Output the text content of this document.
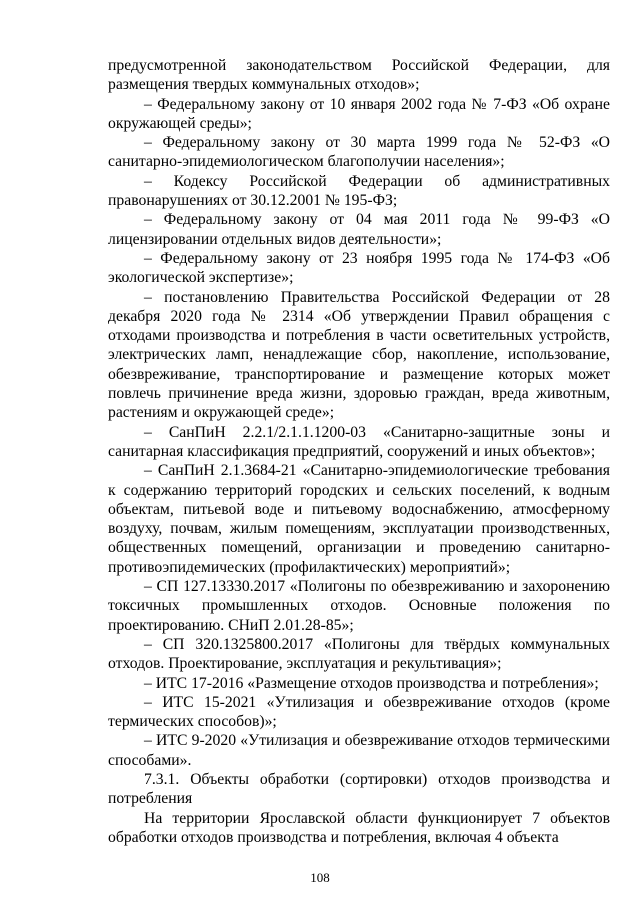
предусмотренной законодательством Российской Федерации, для размещения твердых коммунальных отходов»;

– Федеральному закону от 10 января 2002 года № 7-ФЗ «Об охране окружающей среды»;

– Федеральному закону от 30 марта 1999 года № 52-ФЗ «О санитарно-эпидемиологическом благополучии населения»;

– Кодексу Российской Федерации об административных правонарушениях от 30.12.2001 № 195-ФЗ;

– Федеральному закону от 04 мая 2011 года № 99-ФЗ «О лицензировании отдельных видов деятельности»;

– Федеральному закону от 23 ноября 1995 года № 174-ФЗ «Об экологической экспертизе»;

– постановлению Правительства Российской Федерации от 28 декабря 2020 года № 2314 «Об утверждении Правил обращения с отходами производства и потребления в части осветительных устройств, электрических ламп, ненадлежащие сбор, накопление, использование, обезвреживание, транспортирование и размещение которых может повлечь причинение вреда жизни, здоровью граждан, вреда животным, растениям и окружающей среде»;

– СанПиН 2.2.1/2.1.1.1200-03 «Санитарно-защитные зоны и санитарная классификация предприятий, сооружений и иных объектов»;

– СанПиН 2.1.3684-21 «Санитарно-эпидемиологические требования к содержанию территорий городских и сельских поселений, к водным объектам, питьевой воде и питьевому водоснабжению, атмосферному воздуху, почвам, жилым помещениям, эксплуатации производственных, общественных помещений, организации и проведению санитарно-противоэпидемических (профилактических) мероприятий»;

– СП 127.13330.2017 «Полигоны по обезвреживанию и захоронению токсичных промышленных отходов. Основные положения по проектированию. СНиП 2.01.28-85»;

– СП 320.1325800.2017 «Полигоны для твёрдых коммунальных отходов. Проектирование, эксплуатация и рекультивация»;

– ИТС 17-2016 «Размещение отходов производства и потребления»;

– ИТС 15-2021 «Утилизация и обезвреживание отходов (кроме термических способов)»;

– ИТС 9-2020 «Утилизация и обезвреживание отходов термическими способами».

7.3.1. Объекты обработки (сортировки) отходов производства и потребления

На территории Ярославской области функционирует 7 объектов обработки отходов производства и потребления, включая 4 объекта

108
